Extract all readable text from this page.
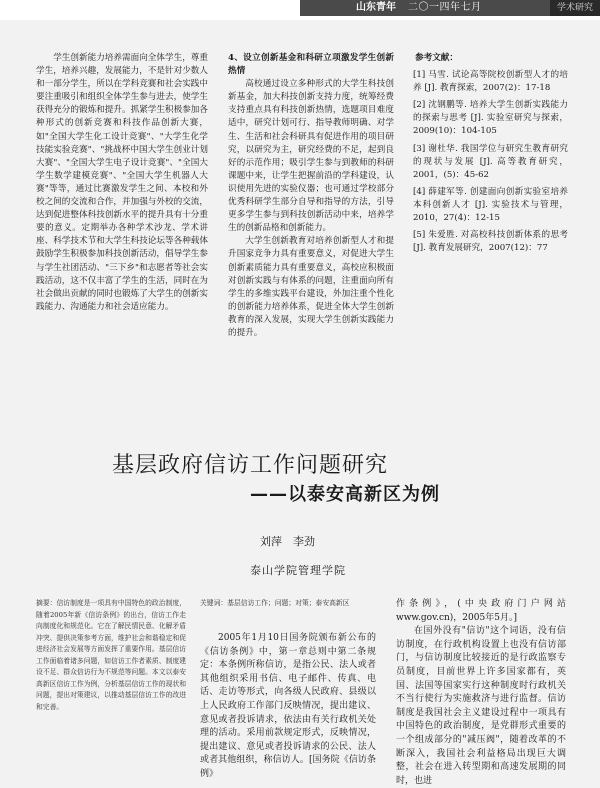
山东青年 二〇一四年七月	学术研究

学生创新能力培养需面向全体学生，尊重学生，培养兴趣，发展能力，不是针对少数人和一部分学生，所以在学科竞赛和社会实践中要注重吸引和组织全体学生参与进去，使学生获得充分的锻炼和提升。抓紧学生积极参加各种形式的创新竞赛和科技作品创新大赛，如"全国大学生化工设计竞赛"、"大学生化学技能实验竞赛"、"挑战杯中国大学生创业计划大赛"、"全国大学生电子设计竞赛"、"全国大学生数学建模竞赛"、"全国大学生机器人大赛"等等，通过比赛激发学生之间、本校和外校之间的交流和合作，并加强与外校的交流，达到促进整体科技创新水平的提升具有十分重要的意义。定期举办各种学术沙龙、学术讲座、科学技术节和大学生科技论坛等各种载体鼓励学生积极参加科技创新活动，倡导学生参与学生社团活动、"三下乡"和志愿者等社会实践活动，这不仅丰富了学生的生活，同时在为社会做出贡献的同时也锻炼了大学生的创新实践能力、沟通能力和社会适应能力。

4、设立创新基金和科研立项激发学生创新热情

高校通过设立多种形式的大学生科技创新基金，加大科技创新支持力度，统筹经费支持重点具有科技创新热情，选题项目难度适中，研究计划可行、指导教师明确、对学生、生活和社会科研具有促进作用的项目研究，以研究为主，研究经费的不足，起到良好的示范作用；吸引学生参与到教师的科研课题中来，让学生把握前沿的学科建设，认识使用先进的实验仪器；也可通过学校部分优秀科研学生部分自导和指导的方法，引导更多学生参与到科技创新活动中来，培养学生的创新品格和创新能力。

大学生创新教育对培养创新型人才和提升国家竞争力具有重要意义，对促进大学生创新素质能力具有重要意义，高校应积极面对创新实践与有体系的问题，注重面向所有学生的多维实践平台建设，外加注重个性化的创新能力培养体系，促进全体大学生创新教育的深入发展，实现大学生创新实践能力的提升。

参考文献：

[1] 马雪. 试论高等院校创新型人才的培养 [J]. 教育探索，2007(2)：17-18

[2] 沈钢鹏等. 培养大学生创新实践能力的探索与思考 [J]. 实验室研究与探索，2009(10)：104-105

[3] 谢杜华. 我国学位与研究生教育研究的现状与发展 [J]. 高等教育研究，2001，(5)：45-62

[4] 薛建军等. 创建面向创新实验室培养本科创新人才 [J]. 实验技术与管理，2010，27(4)：12-15

[5] 朱爱胜. 对高校科技创新体系的思考 [J]. 教育发展研究，2007(12)：77

基层政府信访工作问题研究
——以泰安高新区为例
刘萍　李劲
泰山学院管理学院
摘要：信访制度是一项具有中国特色的政治制度，随着2005年新《信访条例》的出台，信访工作走向制度化和规范化。它在了解民情民意、化解矛盾冲突、提供决策参考方面，维护社会和谐稳定和促进经济社会发展等方面发挥了重要作用。基层信访工作面临着诸多问题，如信访工作者素质、制度建设不足、群众信访行为不规范等问题。本文以泰安高新区信访工作为例，分析基层信访工作的现状和问题，提出对策建议，以推动基层信访工作的改进和完善。
关键词：基层信访工作；问题；对策；泰安高新区

2005年1月10日国务院颁布新公布的《信访条例》中，第一章总则中第二条规定：本条例所称信访，是指公民、法人或者其他组织采用书信、电子邮件、传真、电话、走访等形式，向各级人民政府、县级以上人民政府工作部门反映情况，提出建议、意见或者投诉请求，依法由有关行政机关处理的活动。采用前款规定形式，反映情况，提出建议、意见或者投诉请求的公民、法人或者其他组织，称信访人。[国务院《信访条例》

作条例》，(中央政府门户网站 www.gov.cn)，2005年5月。]

在国外没有"信访"这个词语，没有信访制度，在行政机构设置上也没有信访部门，与信访制度比较接近的是行政监察专员制度，目前世界上许多国家都有，英国、法国等国家实行这种制度时行政机关不当行使行为实施救济与进行监督。信访制度是我国社会主义建设过程中一项具有中国特色的政治制度，是党群形式重要的一个组成部分的"减压阀"，随着改革的不断深入，我国社会利益格局出现巨大调整，社会在进入转型期和高速发展期的同时，也进
